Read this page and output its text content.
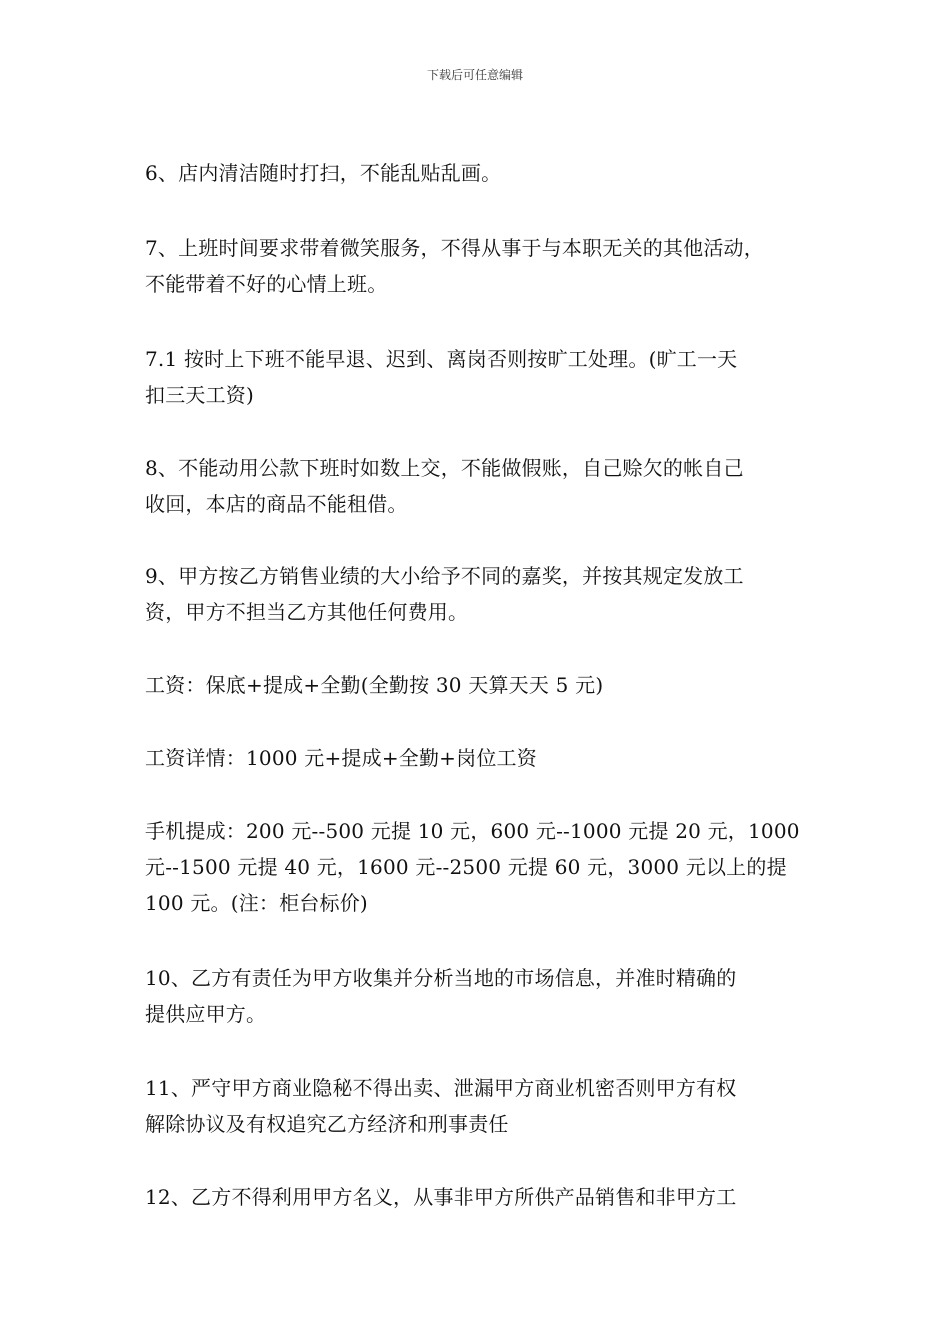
下载后可任意编辑

6、店内清洁随时打扫，不能乱贴乱画。

7、上班时间要求带着微笑服务，不得从事于与本职无关的其他活动，
不能带着不好的心情上班。

7.1 按时上下班不能早退、迟到、离岗否则按旷工处理。(旷工一天
扣三天工资)

8、不能动用公款下班时如数上交，不能做假账，自己赊欠的帐自己
收回，本店的商品不能租借。

9、甲方按乙方销售业绩的大小给予不同的嘉奖，并按其规定发放工
资，甲方不担当乙方其他任何费用。

工资：保底+提成+全勤(全勤按 30 天算天天 5 元)

工资详情：1000 元+提成+全勤+岗位工资

手机提成：200 元--500 元提 10 元，600 元--1000 元提 20 元，1000
元--1500 元提 40 元，1600 元--2500 元提 60 元，3000 元以上的提
100 元。(注：柜台标价)

10、乙方有责任为甲方收集并分析当地的市场信息，并准时精确的
提供应甲方。

11、严守甲方商业隐秘不得出卖、泄漏甲方商业机密否则甲方有权
解除协议及有权追究乙方经济和刑事责任

12、乙方不得利用甲方名义，从事非甲方所供产品销售和非甲方工
